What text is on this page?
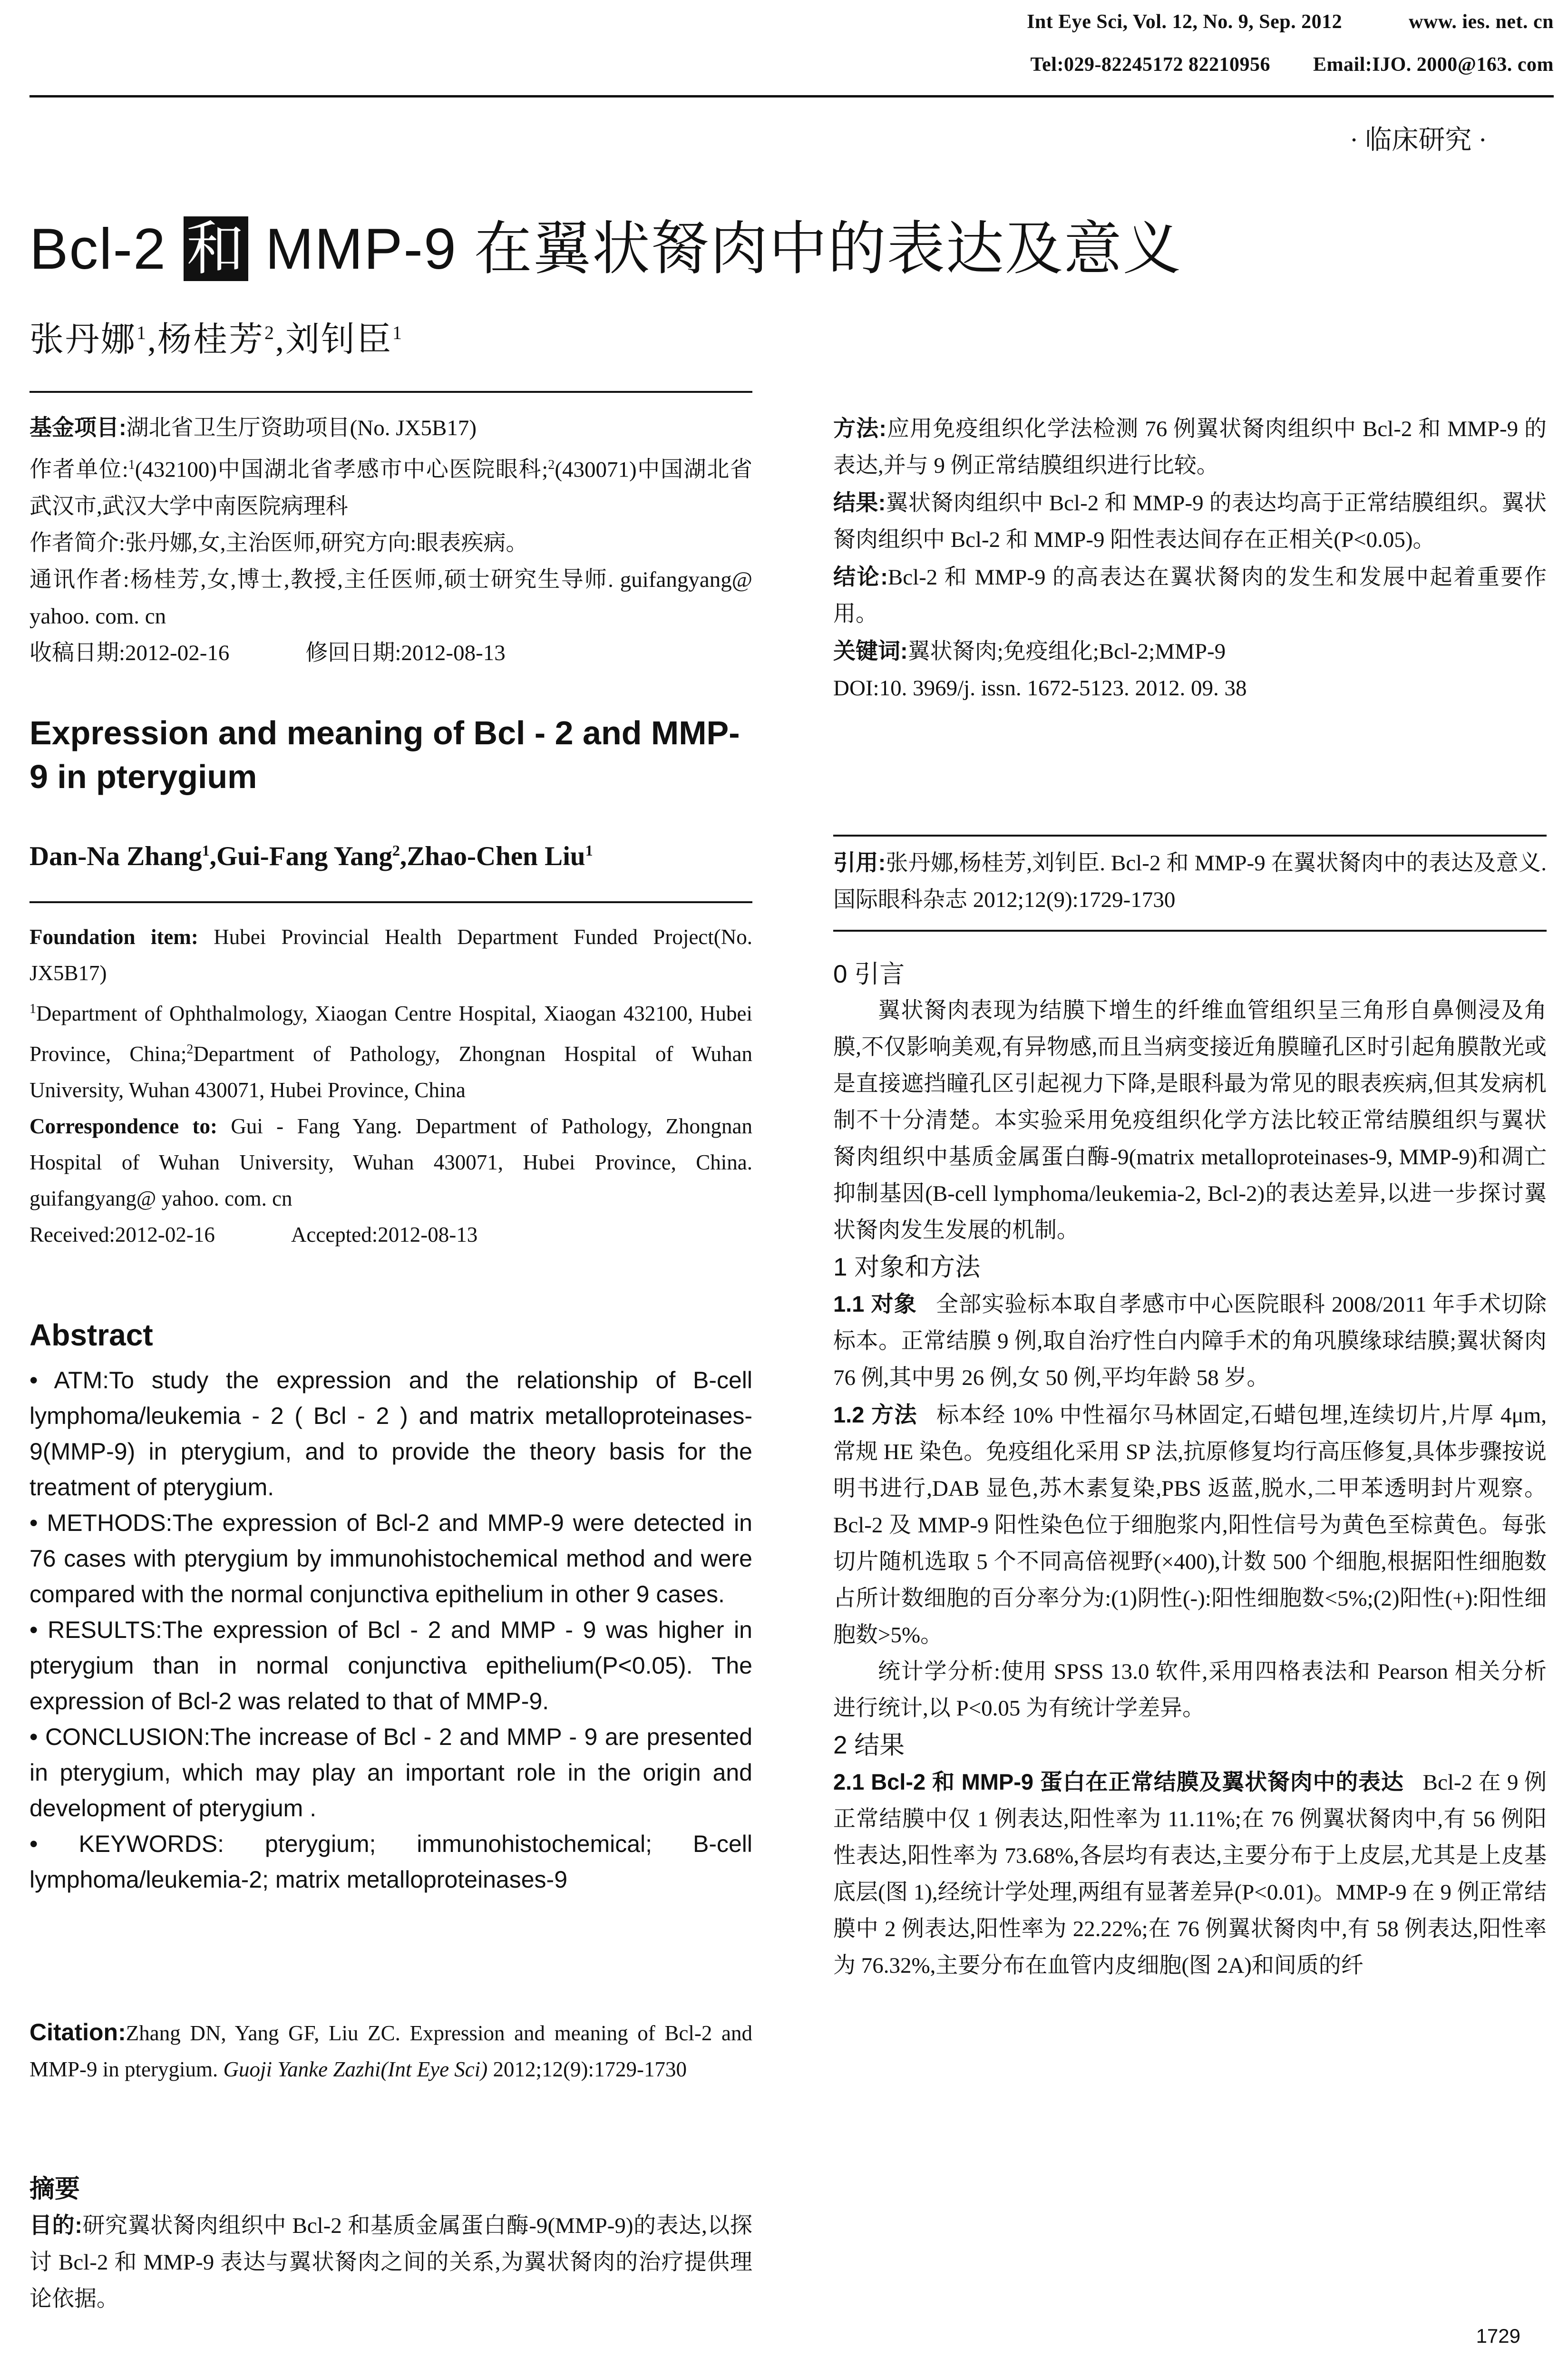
Int Eye Sci, Vol. 12, No. 9, Sep. 2012	www. ies. net. cn
Tel:029-82245172 82210956 Email:IJO. 2000@163. com
· 临床研究 ·
Bcl-2 和 MMP-9 在翼状胬肉中的表达及意义
张丹娜$^1$,杨桂芳$^2$,刘钊臣$^1$
基金项目:湖北省卫生厅资助项目(No. JX5B17)
作者单位:$^1$(432100)中国湖北省孝感市中心医院眼科;$^2$(430071)中国湖北省武汉市,武汉大学中南医院病理科
作者简介:张丹娜,女,主治医师,研究方向:眼表疾病。
通讯作者:杨桂芳,女,博士,教授,主任医师,硕士研究生导师. guifangyang@ yahoo. com. cn
收稿日期:2012-02-16	修回日期:2012-08-13
Expression and meaning of Bcl - 2 and MMP-9 in pterygium
Dan-Na Zhang$^1$,Gui-Fang Yang$^2$,Zhao-Chen Liu$^1$
Foundation item: Hubei Provincial Health Department Funded Project(No. JX5B17)
$^1$Department of Ophthalmology, Xiaogan Centre Hospital, Xiaogan 432100, Hubei Province, China;$^2$Department of Pathology, Zhongnan Hospital of Wuhan University, Wuhan 430071, Hubei Province, China
Correspondence to: Gui - Fang Yang. Department of Pathology, Zhongnan Hospital of Wuhan University, Wuhan 430071, Hubei Province, China. guifangyang@ yahoo. com. cn
Received:2012-02-16	Accepted:2012-08-13
Abstract
• ATM:To study the expression and the relationship of B-cell lymphoma/leukemia - 2 ( Bcl - 2 ) and matrix metalloproteinases-9(MMP-9) in pterygium, and to provide the theory basis for the treatment of pterygium.
• METHODS:The expression of Bcl-2 and MMP-9 were detected in 76 cases with pterygium by immunohistochemical method and were compared with the normal conjunctiva epithelium in other 9 cases.
• RESULTS:The expression of Bcl - 2 and MMP - 9 was higher in pterygium than in normal conjunctiva epithelium(P<0.05). The expression of Bcl-2 was related to that of MMP-9.
• CONCLUSION:The increase of Bcl - 2 and MMP - 9 are presented in pterygium, which may play an important role in the origin and development of pterygium .
• KEYWORDS: pterygium; immunohistochemical; B-cell lymphoma/leukemia-2; matrix metalloproteinases-9
Citation:Zhang DN, Yang GF, Liu ZC. Expression and meaning of Bcl-2 and MMP-9 in pterygium. Guoji Yanke Zazhi(Int Eye Sci) 2012;12(9):1729-1730
摘要
目的:研究翼状胬肉组织中 Bcl-2 和基质金属蛋白酶-9(MMP-9)的表达,以探讨 Bcl-2 和 MMP-9 表达与翼状胬肉之间的关系,为翼状胬肉的治疗提供理论依据。
方法:应用免疫组织化学法检测 76 例翼状胬肉组织中 Bcl-2 和 MMP-9 的表达,并与 9 例正常结膜组织进行比较。
结果:翼状胬肉组织中 Bcl-2 和 MMP-9 的表达均高于正常结膜组织。翼状胬肉组织中 Bcl-2 和 MMP-9 阳性表达间存在正相关(P<0.05)。
结论:Bcl-2 和 MMP-9 的高表达在翼状胬肉的发生和发展中起着重要作用。
关键词:翼状胬肉;免疫组化;Bcl-2;MMP-9
DOI:10. 3969/j. issn. 1672-5123. 2012. 09. 38
引用:张丹娜,杨桂芳,刘钊臣. Bcl-2 和 MMP-9 在翼状胬肉中的表达及意义. 国际眼科杂志 2012;12(9):1729-1730
0 引言
翼状胬肉表现为结膜下增生的纤维血管组织呈三角形自鼻侧浸及角膜,不仅影响美观,有异物感,而且当病变接近角膜瞳孔区时引起角膜散光或是直接遮挡瞳孔区引起视力下降,是眼科最为常见的眼表疾病,但其发病机制不十分清楚。本实验采用免疫组织化学方法比较正常结膜组织与翼状胬肉组织中基质金属蛋白酶-9(matrix metalloproteinases-9, MMP-9)和凋亡抑制基因(B-cell lymphoma/leukemia-2, Bcl-2)的表达差异,以进一步探讨翼状胬肉发生发展的机制。
1 对象和方法
1.1 对象 全部实验标本取自孝感市中心医院眼科 2008/2011 年手术切除标本。正常结膜 9 例,取自治疗性白内障手术的角巩膜缘球结膜;翼状胬肉 76 例,其中男 26 例,女 50 例,平均年龄 58 岁。
1.2 方法 标本经 10% 中性福尔马林固定,石蜡包埋,连续切片,片厚 4μm,常规 HE 染色。免疫组化采用 SP 法,抗原修复均行高压修复,具体步骤按说明书进行,DAB 显色,苏木素复染,PBS 返蓝,脱水,二甲苯透明封片观察。Bcl-2 及 MMP-9 阳性染色位于细胞浆内,阳性信号为黄色至棕黄色。每张切片随机选取 5 个不同高倍视野(×400),计数 500 个细胞,根据阳性细胞数占所计数细胞的百分率分为:(1)阴性(-):阳性细胞数<5%;(2)阳性(+):阳性细胞数>5%。
统计学分析:使用 SPSS 13.0 软件,采用四格表法和 Pearson 相关分析进行统计,以 P<0.05 为有统计学差异。
2 结果
2.1 Bcl-2 和 MMP-9 蛋白在正常结膜及翼状胬肉中的表达 Bcl-2 在 9 例正常结膜中仅 1 例表达,阳性率为 11.11%;在 76 例翼状胬肉中,有 56 例阳性表达,阳性率为 73.68%,各层均有表达,主要分布于上皮层,尤其是上皮基底层(图 1),经统计学处理,两组有显著差异(P<0.01)。MMP-9 在 9 例正常结膜中 2 例表达,阳性率为 22.22%;在 76 例翼状胬肉中,有 58 例表达,阳性率为 76.32%,主要分布在血管内皮细胞(图 2A)和间质的纤
1729
